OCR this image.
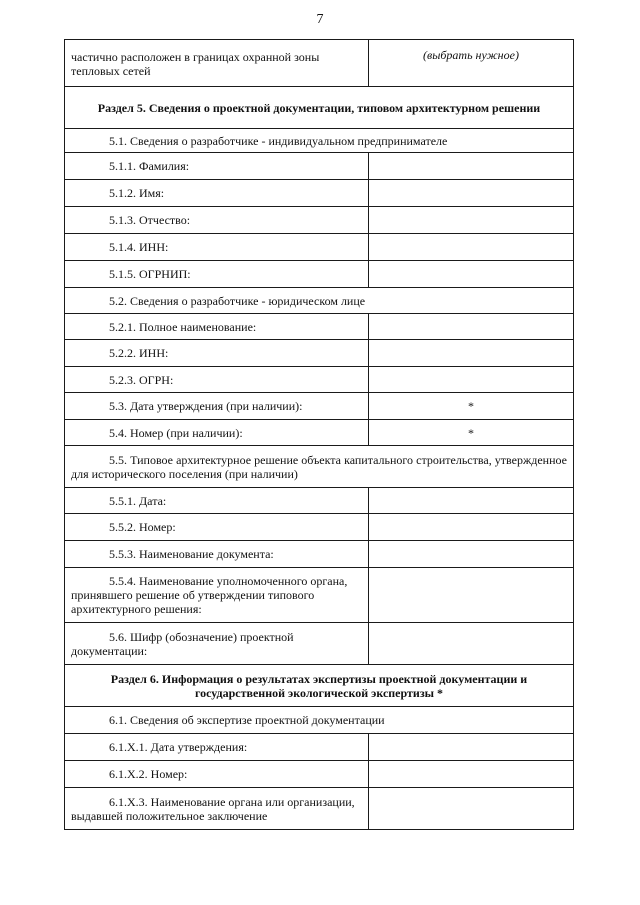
7
частично расположен в границах охранной зоны тепловых сетей	(выбрать нужное)
Раздел 5. Сведения о проектной документации, типовом архитектурном решении	
5.1. Сведения о разработчике - индивидуальном предпринимателе	
5.1.1. Фамилия:	
5.1.2. Имя:	
5.1.3. Отчество:	
5.1.4. ИНН:	
5.1.5. ОГРНИП:	
5.2. Сведения о разработчике - юридическом лице	
5.2.1. Полное наименование:	
5.2.2. ИНН:	
5.2.3. ОГРН:	
5.3. Дата утверждения (при наличии):	*
5.4. Номер (при наличии):	*
5.5. Типовое архитектурное решение объекта капитального строительства, утвержденное для исторического поселения (при наличии)	
5.5.1. Дата:	
5.5.2. Номер:	
5.5.3. Наименование документа:	
5.5.4. Наименование уполномоченного органа, принявшего решение об утверждении типового архитектурного решения:	
5.6. Шифр (обозначение) проектной документации:	
Раздел 6. Информация о результатах экспертизы проектной документации и государственной экологической экспертизы *	
6.1. Сведения об экспертизе проектной документации	
6.1.X.1. Дата утверждения:	
6.1.X.2. Номер:	
6.1.X.3. Наименование органа или организации, выдавшей положительное заключение	
